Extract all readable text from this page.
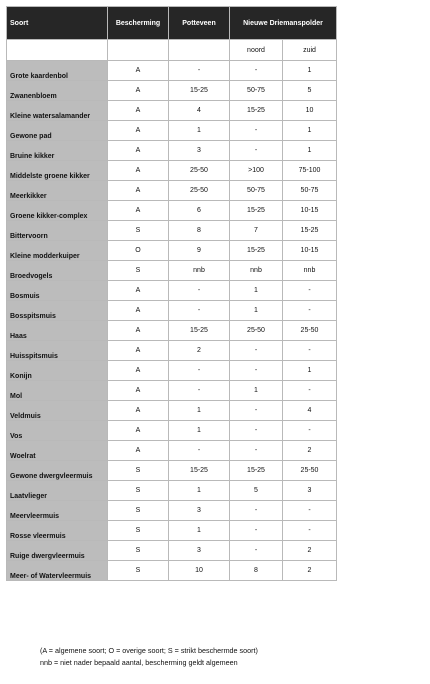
Soort	Bescherming	Potteveen	Nieuwe Driemanspolder	
			noord	zuid
Grote kaardenbol	A	-	-	1
Zwanenbloem	A	15-25	50-75	5
Kleine watersalamander	A	4	15-25	10
Gewone pad	A	1	-	1
Bruine kikker	A	3	-	1
Middelste groene kikker	A	25-50	>100	75-100
Meerkikker	A	25-50	50-75	50-75
Groene kikker-complex	A	6	15-25	10-15
Bittervoorn	S	8	7	15-25
Kleine modderkuiper	O	9	15-25	10-15
Broedvogels	S	nnb	nnb	nnb
Bosmuis	A	-	1	-
Bosspitsmuis	A	-	1	-
Haas	A	15-25	25-50	25-50
Huisspitsmuis	A	2	-	-
Konijn	A	-	-	1
Mol	A	-	1	-
Veldmuis	A	1	-	4
Vos	A	1	-	-
Woelrat	A	-	-	2
Gewone dwergvleermuis	S	15-25	15-25	25-50
Laatvlieger	S	1	5	3
Meervleermuis	S	3	-	-
Rosse vleermuis	S	1	-	-
Ruige dwergvleermuis	S	3	-	2
Meer- of Watervleermuis	S	10	8	2
(A = algemene soort; O = overige soort; S = strikt beschermde soort)
nnb = niet nader bepaald aantal, bescherming geldt algemeen
